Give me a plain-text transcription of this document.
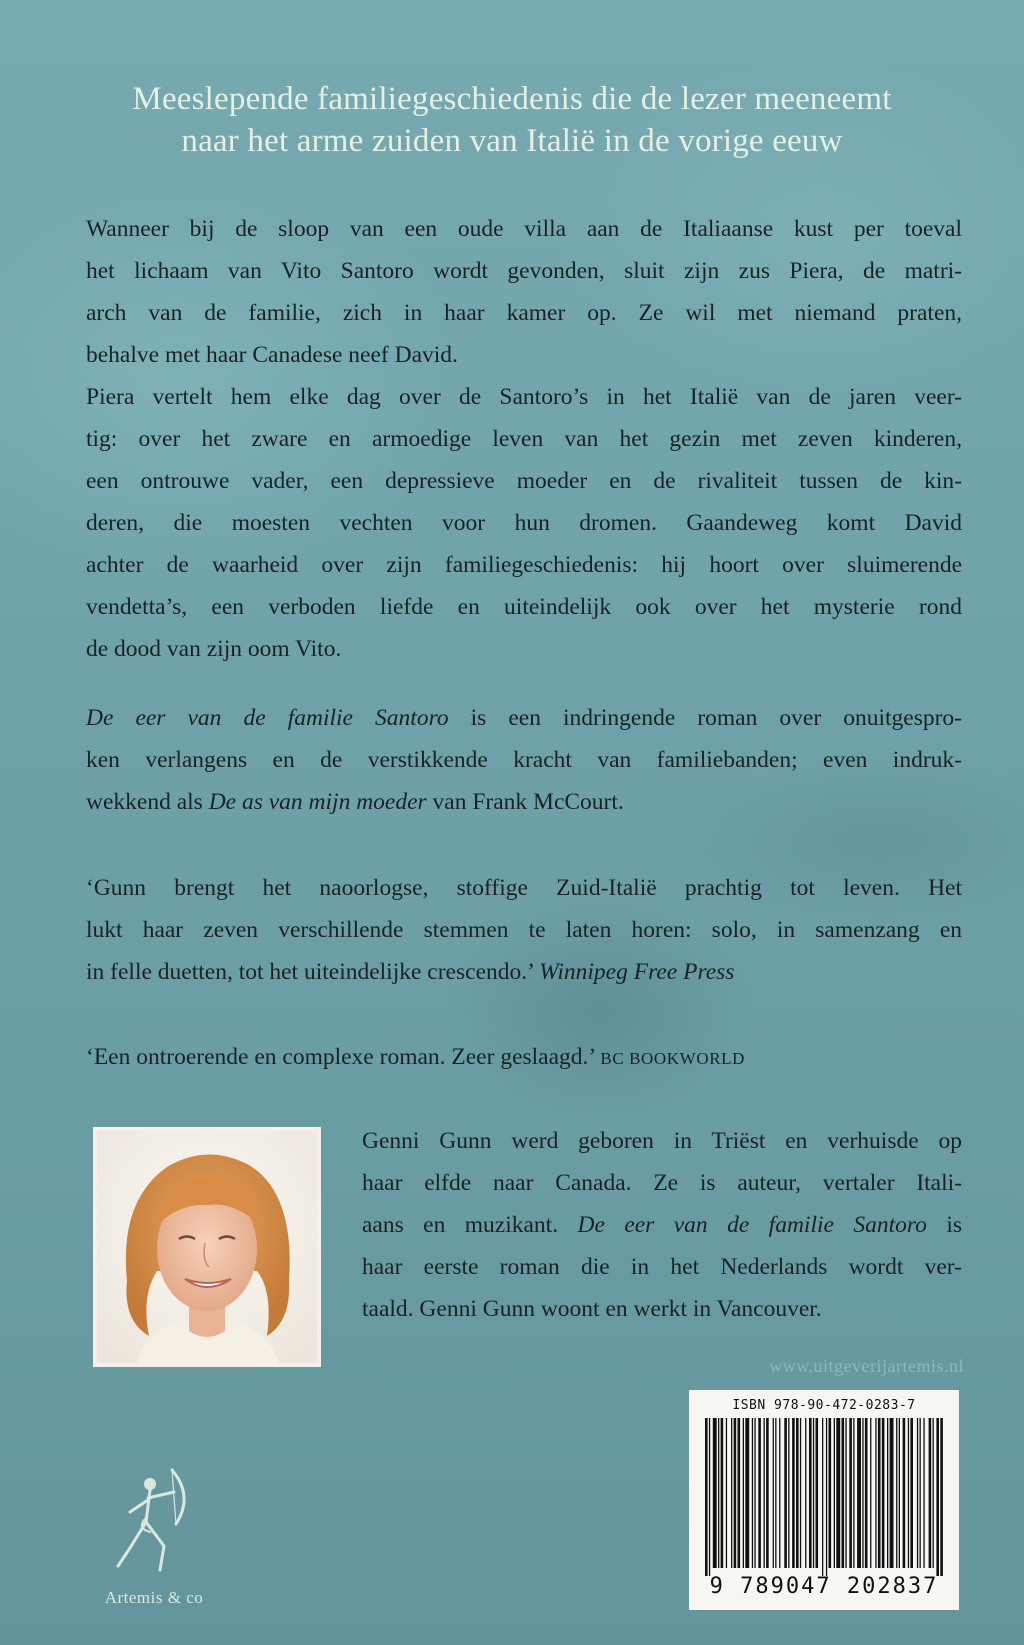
Meeslepende familiegeschiedenis die de lezer meeneemt
naar het arme zuiden van Italië in de vorige eeuw
Wanneer bij de sloop van een oude villa aan de Italiaanse kust per toeval
het lichaam van Vito Santoro wordt gevonden, sluit zijn zus Piera, de matri-
arch van de familie, zich in haar kamer op. Ze wil met niemand praten,
behalve met haar Canadese neef David.
Piera vertelt hem elke dag over de Santoro’s in het Italië van de jaren veer-
tig: over het zware en armoedige leven van het gezin met zeven kinderen,
een ontrouwe vader, een depressieve moeder en de rivaliteit tussen de kin-
deren, die moesten vechten voor hun dromen. Gaandeweg komt David
achter de waarheid over zijn familiegeschiedenis: hij hoort over sluimerende
vendetta’s, een verboden liefde en uiteindelijk ook over het mysterie rond
de dood van zijn oom Vito.
De eer van de familie Santoro is een indringende roman over onuitgespro-
ken verlangens en de verstikkende kracht van familiebanden; even indruk-
wekkend als De as van mijn moeder van Frank McCourt.
‘Gunn brengt het naoorlogse, stoffige Zuid-Italië prachtig tot leven. Het
lukt haar zeven verschillende stemmen te laten horen: solo, in samenzang en
in felle duetten, tot het uiteindelijke crescendo.’ Winnipeg Free Press
‘Een ontroerende en complexe roman. Zeer geslaagd.’ BC BOOKWORLD
Genni Gunn werd geboren in Triëst en verhuisde op
haar elfde naar Canada. Ze is auteur, vertaler Itali-
aans en muzikant. De eer van de familie Santoro is
haar eerste roman die in het Nederlands wordt ver-
taald. Genni Gunn woont en werkt in Vancouver.
www.uitgeverijartemis.nl
ISBN 978-90-472-0283-7
9 789047 202837
Artemis & co
